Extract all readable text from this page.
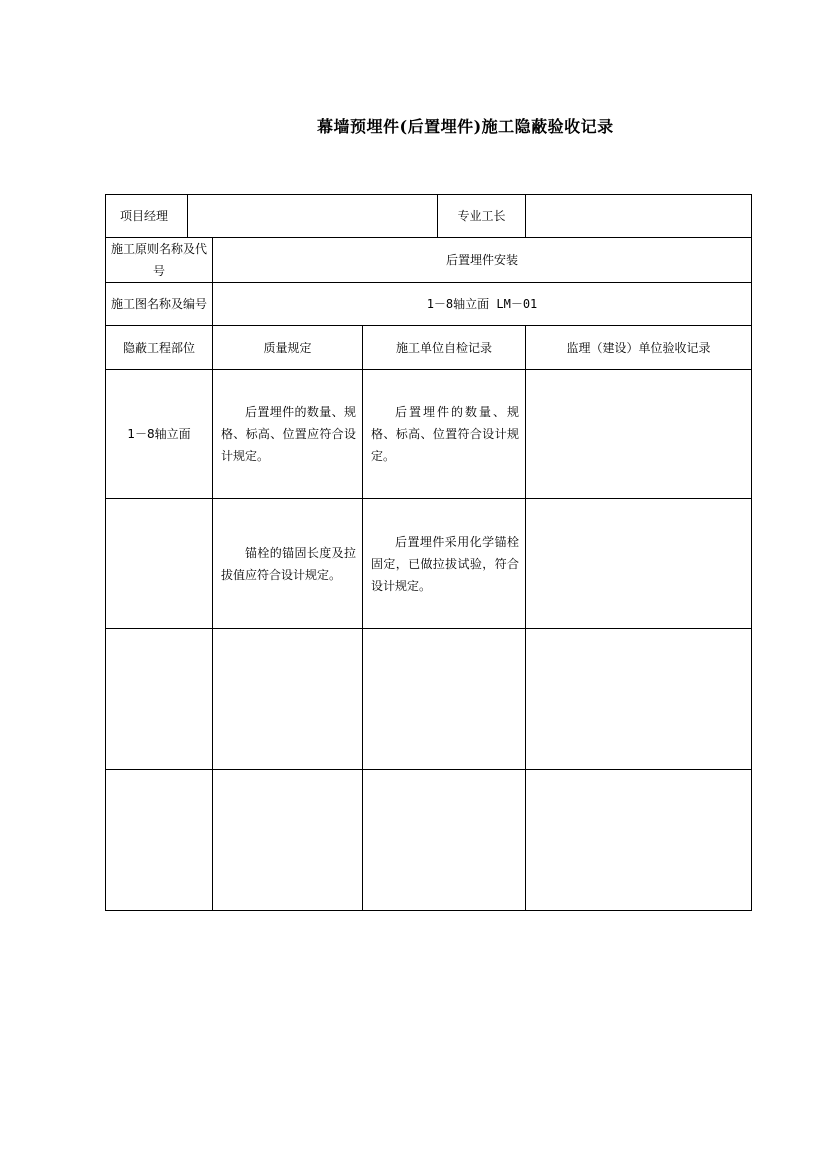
幕墙预埋件(后置埋件)施工隐蔽验收记录
项目经理				专业工长	
施工原则名称及代号		后置埋件安装			
施工图名称及编号		1－8轴立面 LM－01			
隐蔽工程部位		质量规定	施工单位自检记录		监理（建设）单位验收记录
1－8轴立面		后置埋件的数量、规格、标高、位置应符合设计规定。	后置埋件的数量、规格、标高、位置符合设计规定。		

		锚栓的锚固长度及拉拔值应符合设计规定。	后置埋件采用化学锚栓固定，已做拉拔试验，符合设计规定。		
